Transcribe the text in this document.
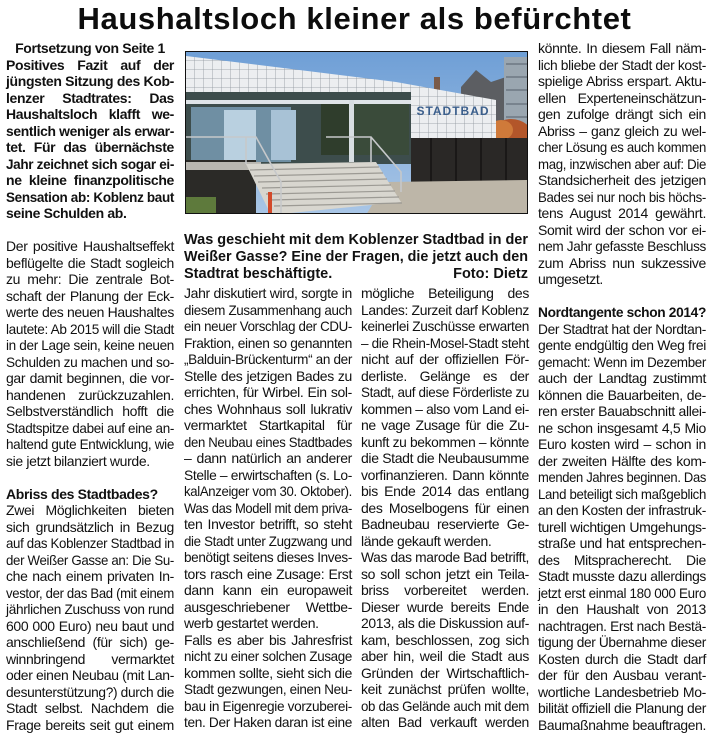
Haushaltsloch kleiner als befürchtet
Fortsetzung von Seite 1
Positives Fazit auf der
jüngsten Sitzung des Kob-
lenzer Stadtrates: Das
Haushaltsloch klafft we-
sentlich weniger als erwar-
tet. Für das übernächste
Jahr zeichnet sich sogar ei-
ne kleine finanzpolitische
Sensation ab: Koblenz baut
seine Schulden ab.
Der positive Haushaltseffekt
beflügelte die Stadt sogleich
zu mehr: Die zentrale Bot-
schaft der Planung der Eck-
werte des neuen Haushaltes
lautete: Ab 2015 will die Stadt
in der Lage sein, keine neuen
Schulden zu machen und so-
gar damit beginnen, die vor-
handenen zurückzuzahlen.
Selbstverständlich hofft die
Stadtspitze dabei auf eine an-
haltend gute Entwicklung, wie
sie jetzt bilanziert wurde.
Abriss des Stadtbades?
Zwei Möglichkeiten bieten
sich grundsätzlich in Bezug
auf das Koblenzer Stadtbad in
der Weißer Gasse an: Die Su-
che nach einem privaten In-
vestor, der das Bad (mit einem
jährlichen Zuschuss von rund
600 000 Euro) neu baut und
anschließend (für sich) ge-
winnbringend vermarktet
oder einen Neubau (mit Lan-
desunterstützung?) durch die
Stadt selbst. Nachdem die
Frage bereits seit gut einem
STADTBAD
Was geschieht mit dem Koblenzer Stadtbad in der
Weißer Gasse? Eine der Fragen, die jetzt auch den
Stadtrat beschäftigte.	Foto: Dietz
Jahr diskutiert wird, sorgte in
diesem Zusammenhang auch
ein neuer Vorschlag der CDU-
Fraktion, einen so genannten
„Balduin-Brückenturm“ an der
Stelle des jetzigen Bades zu
errichten, für Wirbel. Ein sol-
ches Wohnhaus soll lukrativ
vermarktet Startkapital für
den Neubau eines Stadtbades
– dann natürlich an anderer
Stelle – erwirtschaften (s. Lo-
kalAnzeiger vom 30. Oktober).
Was das Modell mit dem priva-
ten Investor betrifft, so steht
die Stadt unter Zugzwang und
benötigt seitens dieses Inves-
tors rasch eine Zusage: Erst
dann kann ein europaweit
ausgeschriebener Wettbe-
werb gestartet werden.
Falls es aber bis Jahresfrist
nicht zu einer solchen Zusage
kommen sollte, sieht sich die
Stadt gezwungen, einen Neu-
bau in Eigenregie vorzuberei-
ten. Der Haken daran ist eine
mögliche Beteiligung des
Landes: Zurzeit darf Koblenz
keinerlei Zuschüsse erwarten
– die Rhein-Mosel-Stadt steht
nicht auf der offiziellen För-
derliste. Gelänge es der
Stadt, auf diese Förderliste zu
kommen – also vom Land ei-
ne vage Zusage für die Zu-
kunft zu bekommen – könnte
die Stadt die Neubausumme
vorfinanzieren. Dann könnte
bis Ende 2014 das entlang
des Moselbogens für einen
Badneubau reservierte Ge-
lände gekauft werden.
Was das marode Bad betrifft,
so soll schon jetzt ein Teila-
briss vorbereitet werden.
Dieser wurde bereits Ende
2013, als die Diskussion auf-
kam, beschlossen, zog sich
aber hin, weil die Stadt aus
Gründen der Wirtschaftlich-
keit zunächst prüfen wollte,
ob das Gelände auch mit dem
alten Bad verkauft werden
könnte. In diesem Fall näm-
lich bliebe der Stadt der kost-
spielige Abriss erspart. Aktu-
ellen Experteneinschätzun-
gen zufolge drängt sich ein
Abriss – ganz gleich zu wel-
cher Lösung es auch kommen
mag, inzwischen aber auf: Die
Standsicherheit des jetzigen
Bades sei nur noch bis höchs-
tens August 2014 gewährt.
Somit wird der schon vor ei-
nem Jahr gefasste Beschluss
zum Abriss nun sukzessive
umgesetzt.
Nordtangente schon 2014?
Der Stadtrat hat der Nordtan-
gente endgültig den Weg frei
gemacht: Wenn im Dezember
auch der Landtag zustimmt
können die Bauarbeiten, de-
ren erster Bauabschnitt allei-
ne schon insgesamt 4,5 Mio
Euro kosten wird – schon in
der zweiten Hälfte des kom-
menden Jahres beginnen. Das
Land beteiligt sich maßgeblich
an den Kosten der infrastruk-
turell wichtigen Umgehungs-
straße und hat entsprechen-
des Mitspracherecht. Die
Stadt musste dazu allerdings
jetzt erst einmal 180 000 Euro
in den Haushalt von 2013
nachtragen. Erst nach Bestä-
tigung der Übernahme dieser
Kosten durch die Stadt darf
der für den Ausbau verant-
wortliche Landesbetrieb Mo-
bilität offiziell die Planung der
Baumaßnahme beauftragen.
